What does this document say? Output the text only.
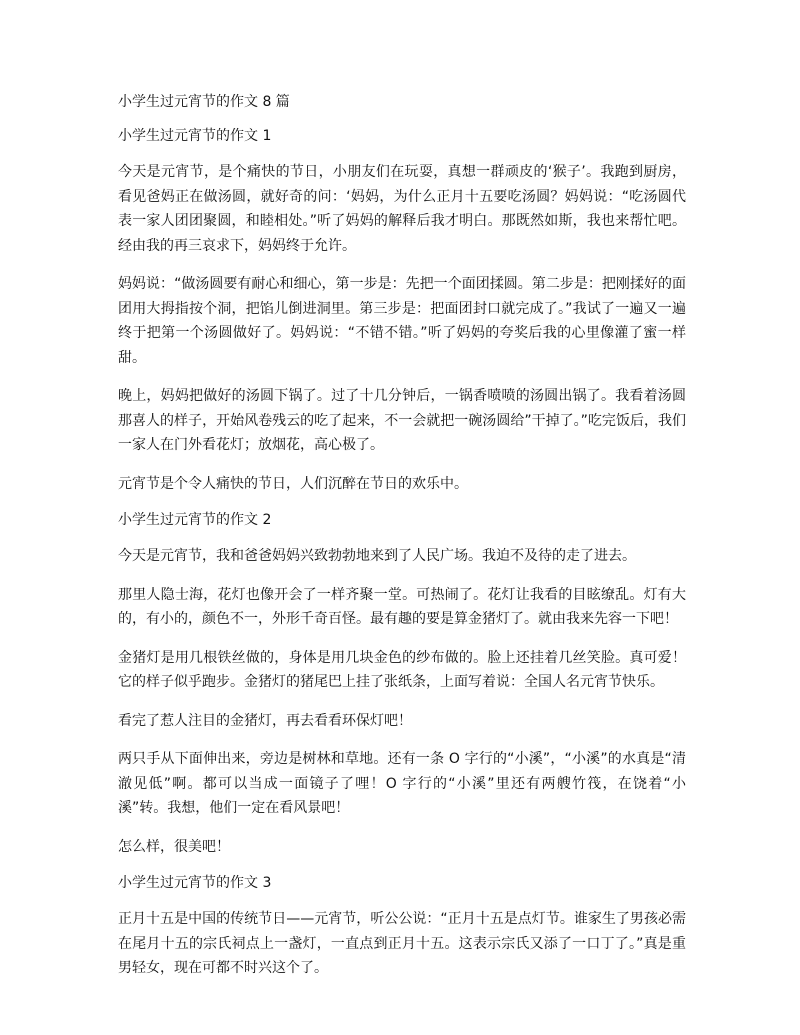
小学生过元宵节的作文 8 篇
小学生过元宵节的作文 1

今天是元宵节，是个痛快的节日，小朋友们在玩耍，真想一群顽皮的‘猴子’。我跑到厨房，看见爸妈正在做汤圆，就好奇的问：‘妈妈，为什么正月十五要吃汤圆？妈妈说：“吃汤圆代表一家人团团聚圆，和睦相处。”听了妈妈的解释后我才明白。那既然如斯，我也来帮忙吧。经由我的再三哀求下，妈妈终于允许。

妈妈说：“做汤圆要有耐心和细心，第一步是：先把一个面团揉圆。第二步是：把刚揉好的面团用大拇指按个洞，把馅儿倒进洞里。第三步是：把面团封口就完成了。”我试了一遍又一遍终于把第一个汤圆做好了。妈妈说：“不错不错。”听了妈妈的夸奖后我的心里像灌了蜜一样甜。

晚上，妈妈把做好的汤圆下锅了。过了十几分钟后，一锅香喷喷的汤圆出锅了。我看着汤圆那喜人的样子，开始风卷残云的吃了起来，不一会就把一碗汤圆给”干掉了。”吃完饭后，我们一家人在门外看花灯；放烟花，高心极了。

元宵节是个令人痛快的节日，人们沉醉在节日的欢乐中。

小学生过元宵节的作文 2

今天是元宵节，我和爸爸妈妈兴致勃勃地来到了人民广场。我迫不及待的走了进去。

那里人隐士海，花灯也像开会了一样齐聚一堂。可热闹了。花灯让我看的目眩缭乱。灯有大的，有小的，颜色不一，外形千奇百怪。最有趣的要是算金猪灯了。就由我来先容一下吧！

金猪灯是用几根铁丝做的，身体是用几块金色的纱布做的。脸上还挂着几丝笑脸。真可爱！它的样子似乎跑步。金猪灯的猪尾巴上挂了张纸条，上面写着说：全国人名元宵节快乐。

看完了惹人注目的金猪灯，再去看看环保灯吧！

两只手从下面伸出来，旁边是树林和草地。还有一条 O 字行的“小溪”，“小溪”的水真是“清澈见低”啊。都可以当成一面镜子了哩！O 字行的“小溪”里还有两艘竹筏，在饶着“小溪”转。我想，他们一定在看风景吧！

怎么样，很美吧！

小学生过元宵节的作文 3

正月十五是中国的传统节日——元宵节，听公公说：“正月十五是点灯节。谁家生了男孩必需在尾月十五的宗氏祠点上一盏灯，一直点到正月十五。这表示宗氏又添了一口丁了。”真是重男轻女，现在可都不时兴这个了。
